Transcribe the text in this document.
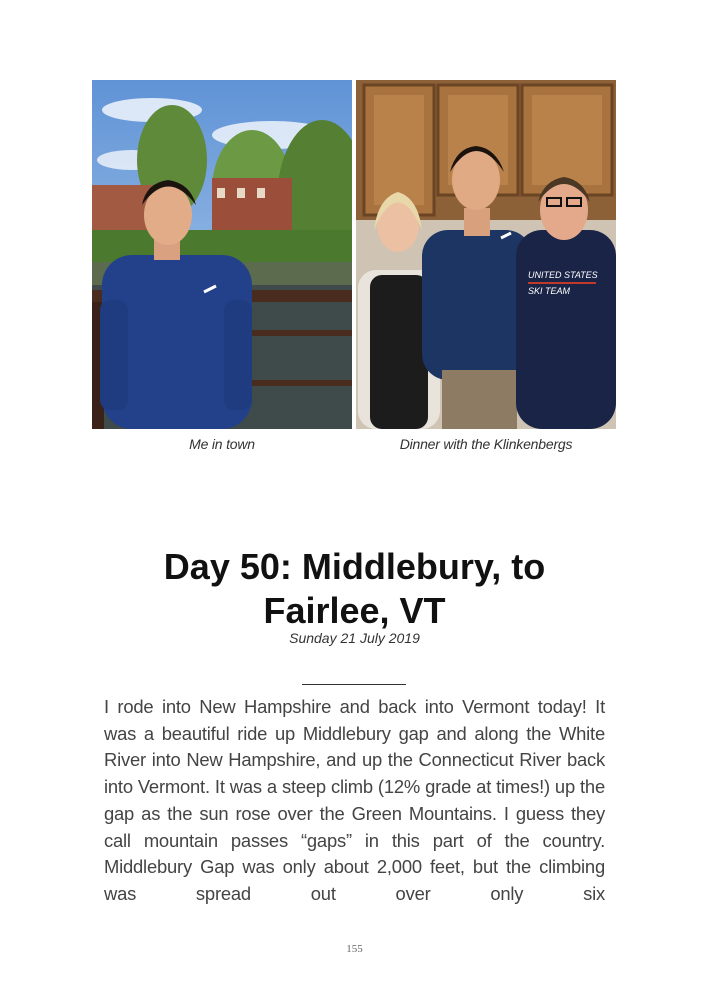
UNITED STATES
SKI TEAM
Me in town	Dinner with the Klinkenbergs
Day 50: Middlebury, to Fairlee, VT
Sunday 21 July 2019

I rode into New Hampshire and back into Vermont today! It was a beautiful ride up Middlebury gap and along the White River into New Hampshire, and up the Connecticut River back into Vermont. It was a steep climb (12% grade at times!) up the gap as the sun rose over the Green Mountains. I guess they call mountain passes “gaps” in this part of the country. Middlebury Gap was only about 2,000 feet, but the climbing was spread out over only six

155
